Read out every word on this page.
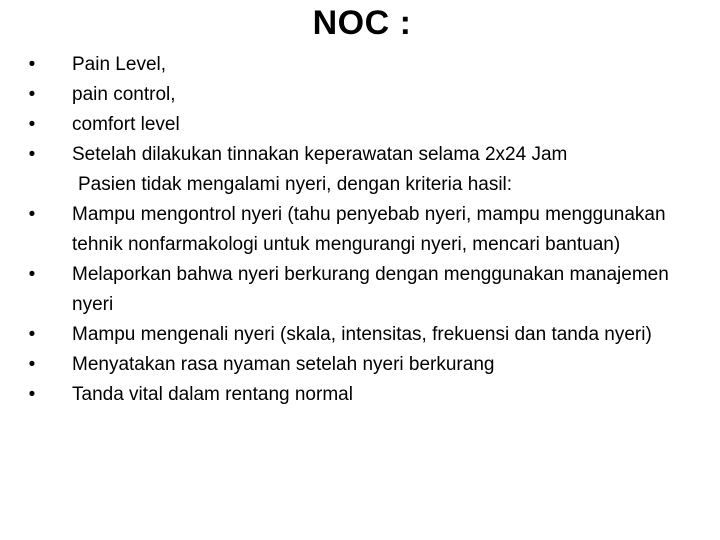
NOC :
• Pain Level,
• pain control,
• comfort level
• Setelah dilakukan tinnakan keperawatan selama 2x24 Jam
Pasien tidak mengalami nyeri, dengan kriteria hasil:
• Mampu mengontrol nyeri (tahu penyebab nyeri, mampu menggunakan tehnik nonfarmakologi untuk mengurangi nyeri, mencari bantuan)
• Melaporkan bahwa nyeri berkurang dengan menggunakan manajemen nyeri
• Mampu mengenali nyeri (skala, intensitas, frekuensi dan tanda nyeri)
• Menyatakan rasa nyaman setelah nyeri berkurang
• Tanda vital dalam rentang normal
